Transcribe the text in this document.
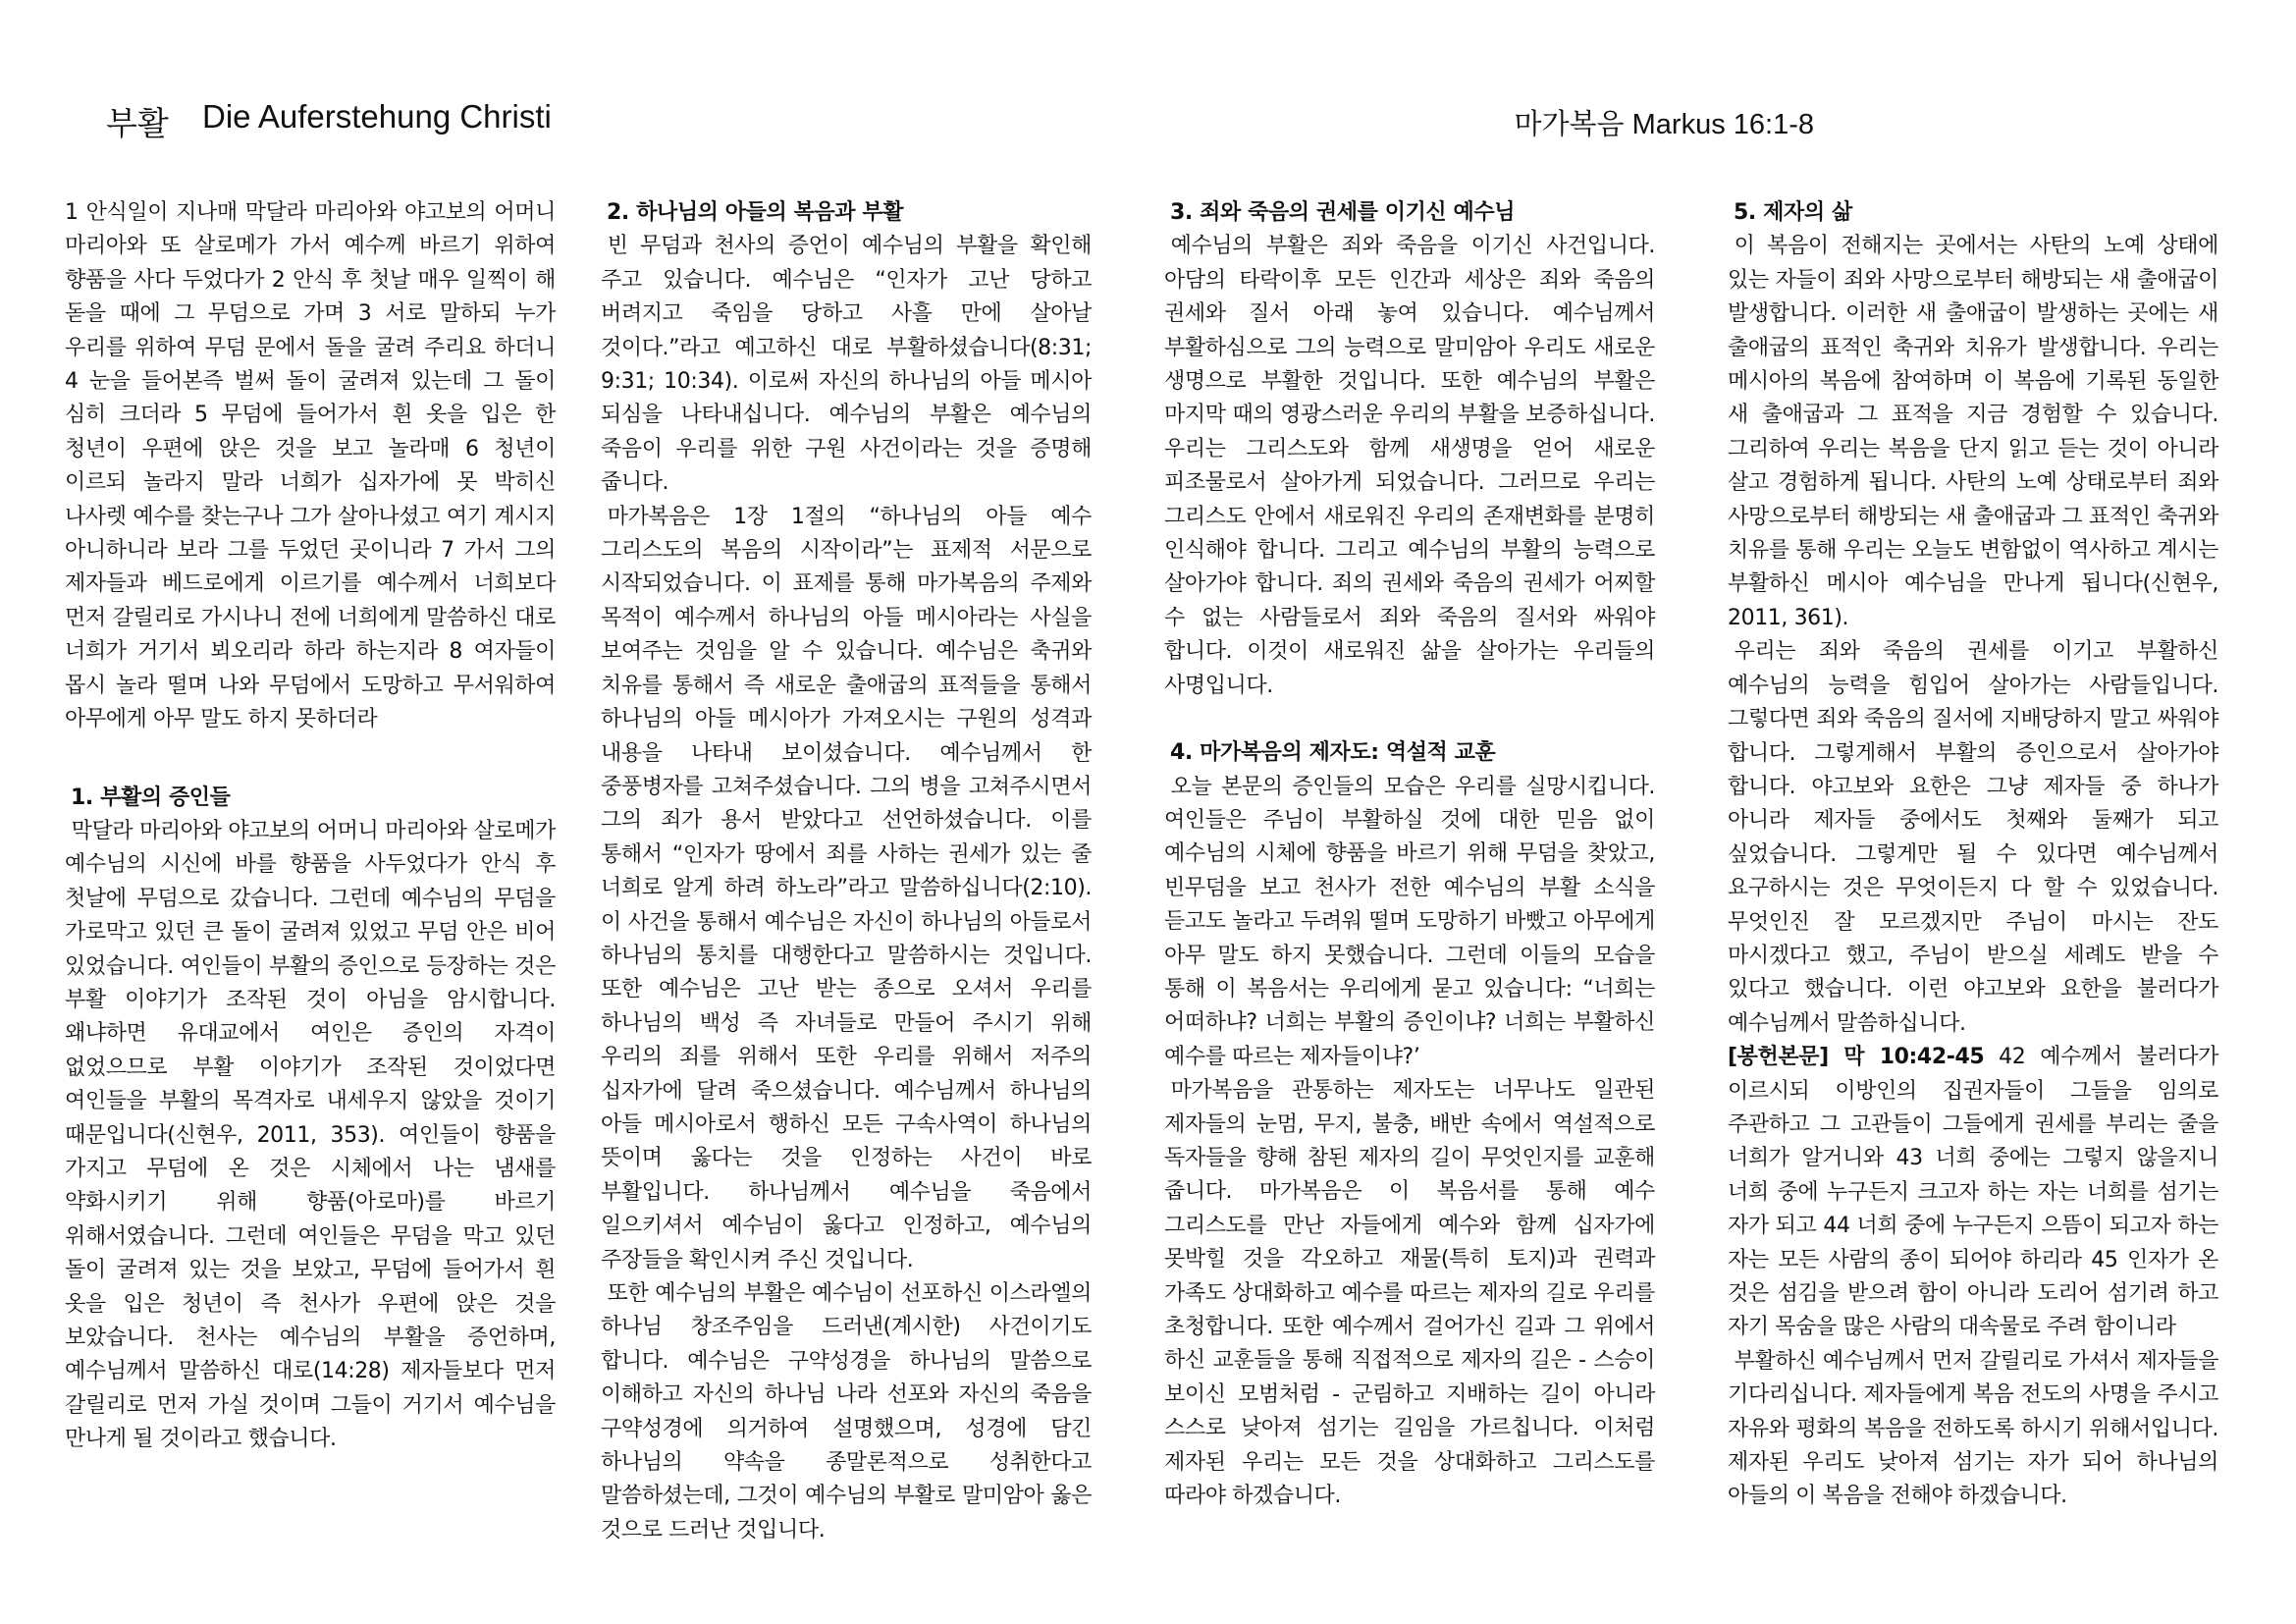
부활 Die Auferstehung Christi	마가복음 Markus 16:1-8

1 안식일이 지나매 막달라 마리아와 야고보의 어머니 마리아와 또 살로메가 가서 예수께 바르기 위하여 향품을 사다 두었다가 2 안식 후 첫날 매우 일찍이 해 돋을 때에 그 무덤으로 가며 3 서로 말하되 누가 우리를 위하여 무덤 문에서 돌을 굴려 주리요 하더니 4 눈을 들어본즉 벌써 돌이 굴려져 있는데 그 돌이 심히 크더라 5 무덤에 들어가서 흰 옷을 입은 한 청년이 우편에 앉은 것을 보고 놀라매 6 청년이 이르되 놀라지 말라 너희가 십자가에 못 박히신 나사렛 예수를 찾는구나 그가 살아나셨고 여기 계시지 아니하니라 보라 그를 두었던 곳이니라 7 가서 그의 제자들과 베드로에게 이르기를 예수께서 너희보다 먼저 갈릴리로 가시나니 전에 너희에게 말씀하신 대로 너희가 거기서 뵈오리라 하라 하는지라 8 여자들이 몹시 놀라 떨며 나와 무덤에서 도망하고 무서워하여 아무에게 아무 말도 하지 못하더라

1. 부활의 증인들

막달라 마리아와 야고보의 어머니 마리아와 살로메가 예수님의 시신에 바를 향품을 사두었다가 안식 후 첫날에 무덤으로 갔습니다. 그런데 예수님의 무덤을 가로막고 있던 큰 돌이 굴려져 있었고 무덤 안은 비어 있었습니다. 여인들이 부활의 증인으로 등장하는 것은 부활 이야기가 조작된 것이 아님을 암시합니다. 왜냐하면 유대교에서 여인은 증인의 자격이 없었으므로 부활 이야기가 조작된 것이었다면 여인들을 부활의 목격자로 내세우지 않았을 것이기 때문입니다(신현우, 2011, 353). 여인들이 향품을 가지고 무덤에 온 것은 시체에서 나는 냄새를 약화시키기 위해 향품(아로마)를 바르기 위해서였습니다. 그런데 여인들은 무덤을 막고 있던 돌이 굴려져 있는 것을 보았고, 무덤에 들어가서 흰 옷을 입은 청년이 즉 천사가 우편에 앉은 것을 보았습니다. 천사는 예수님의 부활을 증언하며, 예수님께서 말씀하신 대로(14:28) 제자들보다 먼저 갈릴리로 먼저 가실 것이며 그들이 거기서 예수님을 만나게 될 것이라고 했습니다.

2. 하나님의 아들의 복음과 부활

빈 무덤과 천사의 증언이 예수님의 부활을 확인해 주고 있습니다. 예수님은 “인자가 고난 당하고 버려지고 죽임을 당하고 사흘 만에 살아날 것이다.”라고 예고하신 대로 부활하셨습니다(8:31; 9:31; 10:34). 이로써 자신의 하나님의 아들 메시아 되심을 나타내십니다. 예수님의 부활은 예수님의 죽음이 우리를 위한 구원 사건이라는 것을 증명해 줍니다.

마가복음은 1장 1절의 “하나님의 아들 예수 그리스도의 복음의 시작이라”는 표제적 서문으로 시작되었습니다. 이 표제를 통해 마가복음의 주제와 목적이 예수께서 하나님의 아들 메시아라는 사실을 보여주는 것임을 알 수 있습니다. 예수님은 축귀와 치유를 통해서 즉 새로운 출애굽의 표적들을 통해서 하나님의 아들 메시아가 가져오시는 구원의 성격과 내용을 나타내 보이셨습니다. 예수님께서 한 중풍병자를 고쳐주셨습니다. 그의 병을 고쳐주시면서 그의 죄가 용서 받았다고 선언하셨습니다. 이를 통해서 “인자가 땅에서 죄를 사하는 권세가 있는 줄 너희로 알게 하려 하노라”라고 말씀하십니다(2:10). 이 사건을 통해서 예수님은 자신이 하나님의 아들로서 하나님의 통치를 대행한다고 말씀하시는 것입니다. 또한 예수님은 고난 받는 종으로 오셔서 우리를 하나님의 백성 즉 자녀들로 만들어 주시기 위해 우리의 죄를 위해서 또한 우리를 위해서 저주의 십자가에 달려 죽으셨습니다. 예수님께서 하나님의 아들 메시아로서 행하신 모든 구속사역이 하나님의 뜻이며 옳다는 것을 인정하는 사건이 바로 부활입니다. 하나님께서 예수님을 죽음에서 일으키셔서 예수님이 옳다고 인정하고, 예수님의 주장들을 확인시켜 주신 것입니다.

또한 예수님의 부활은 예수님이 선포하신 이스라엘의 하나님 창조주임을 드러낸(계시한) 사건이기도 합니다. 예수님은 구약성경을 하나님의 말씀으로 이해하고 자신의 하나님 나라 선포와 자신의 죽음을 구약성경에 의거하여 설명했으며, 성경에 담긴 하나님의 약속을 종말론적으로 성취한다고 말씀하셨는데, 그것이 예수님의 부활로 말미암아 옳은 것으로 드러난 것입니다.

3. 죄와 죽음의 권세를 이기신 예수님

예수님의 부활은 죄와 죽음을 이기신 사건입니다. 아담의 타락이후 모든 인간과 세상은 죄와 죽음의 권세와 질서 아래 놓여 있습니다. 예수님께서 부활하심으로 그의 능력으로 말미암아 우리도 새로운 생명으로 부활한 것입니다. 또한 예수님의 부활은 마지막 때의 영광스러운 우리의 부활을 보증하십니다. 우리는 그리스도와 함께 새생명을 얻어 새로운 피조물로서 살아가게 되었습니다. 그러므로 우리는 그리스도 안에서 새로워진 우리의 존재변화를 분명히 인식해야 합니다. 그리고 예수님의 부활의 능력으로 살아가야 합니다. 죄의 권세와 죽음의 권세가 어찌할 수 없는 사람들로서 죄와 죽음의 질서와 싸워야 합니다. 이것이 새로워진 삶을 살아가는 우리들의 사명입니다.

4. 마가복음의 제자도: 역설적 교훈

오늘 본문의 증인들의 모습은 우리를 실망시킵니다. 여인들은 주님이 부활하실 것에 대한 믿음 없이 예수님의 시체에 향품을 바르기 위해 무덤을 찾았고, 빈무덤을 보고 천사가 전한 예수님의 부활 소식을 듣고도 놀라고 두려워 떨며 도망하기 바빴고 아무에게 아무 말도 하지 못했습니다. 그런데 이들의 모습을 통해 이 복음서는 우리에게 묻고 있습니다: “너희는 어떠하냐? 너희는 부활의 증인이냐? 너희는 부활하신 예수를 따르는 제자들이냐?’

마가복음을 관통하는 제자도는 너무나도 일관된 제자들의 눈멈, 무지, 불충, 배반 속에서 역설적으로 독자들을 향해 참된 제자의 길이 무엇인지를 교훈해 줍니다. 마가복음은 이 복음서를 통해 예수 그리스도를 만난 자들에게 예수와 함께 십자가에 못박힐 것을 각오하고 재물(특히 토지)과 권력과 가족도 상대화하고 예수를 따르는 제자의 길로 우리를 초청합니다. 또한 예수께서 걸어가신 길과 그 위에서 하신 교훈들을 통해 직접적으로 제자의 길은 - 스승이 보이신 모범처럼 - 군림하고 지배하는 길이 아니라 스스로 낮아져 섬기는 길임을 가르칩니다. 이처럼 제자된 우리는 모든 것을 상대화하고 그리스도를 따라야 하겠습니다.

5. 제자의 삶

이 복음이 전해지는 곳에서는 사탄의 노예 상태에 있는 자들이 죄와 사망으로부터 해방되는 새 출애굽이 발생합니다. 이러한 새 출애굽이 발생하는 곳에는 새 출애굽의 표적인 축귀와 치유가 발생합니다. 우리는 메시아의 복음에 참여하며 이 복음에 기록된 동일한 새 출애굽과 그 표적을 지금 경험할 수 있습니다. 그리하여 우리는 복음을 단지 읽고 듣는 것이 아니라 살고 경험하게 됩니다. 사탄의 노예 상태로부터 죄와 사망으로부터 해방되는 새 출애굽과 그 표적인 축귀와 치유를 통해 우리는 오늘도 변함없이 역사하고 계시는 부활하신 메시아 예수님을 만나게 됩니다(신현우, 2011, 361).

우리는 죄와 죽음의 권세를 이기고 부활하신 예수님의 능력을 힘입어 살아가는 사람들입니다. 그렇다면 죄와 죽음의 질서에 지배당하지 말고 싸워야 합니다. 그렇게해서 부활의 증인으로서 살아가야 합니다. 야고보와 요한은 그냥 제자들 중 하나가 아니라 제자들 중에서도 첫째와 둘째가 되고 싶었습니다. 그렇게만 될 수 있다면 예수님께서 요구하시는 것은 무엇이든지 다 할 수 있었습니다. 무엇인진 잘 모르겠지만 주님이 마시는 잔도 마시겠다고 했고, 주님이 받으실 세례도 받을 수 있다고 했습니다. 이런 야고보와 요한을 불러다가 예수님께서 말씀하십니다.

[봉헌본문] 막 10:42-45 42 예수께서 불러다가 이르시되 이방인의 집권자들이 그들을 임의로 주관하고 그 고관들이 그들에게 권세를 부리는 줄을 너희가 알거니와 43 너희 중에는 그렇지 않을지니 너희 중에 누구든지 크고자 하는 자는 너희를 섬기는 자가 되고 44 너희 중에 누구든지 으뜸이 되고자 하는 자는 모든 사람의 종이 되어야 하리라 45 인자가 온 것은 섬김을 받으려 함이 아니라 도리어 섬기려 하고 자기 목숨을 많은 사람의 대속물로 주려 함이니라

부활하신 예수님께서 먼저 갈릴리로 가셔서 제자들을 기다리십니다. 제자들에게 복음 전도의 사명을 주시고 자유와 평화의 복음을 전하도록 하시기 위해서입니다. 제자된 우리도 낮아져 섬기는 자가 되어 하나님의 아들의 이 복음을 전해야 하겠습니다.
